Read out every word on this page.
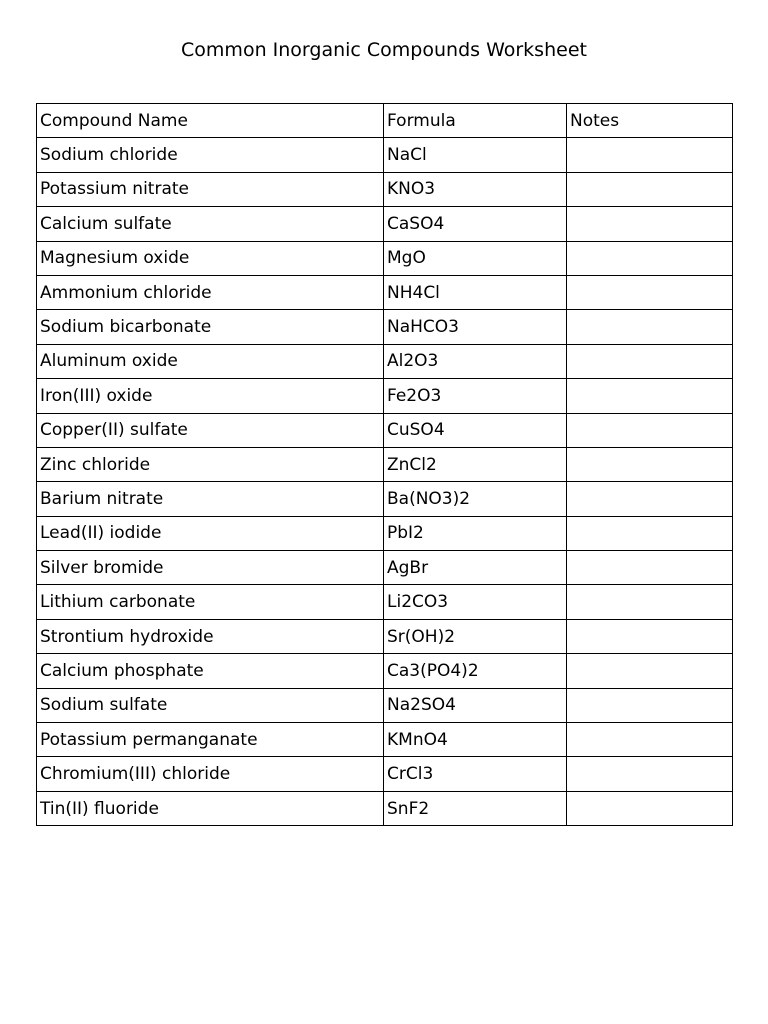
Common Inorganic Compounds Worksheet
Compound Name	Formula	Notes
Sodium chloride	NaCl	
Potassium nitrate	KNO3	
Calcium sulfate	CaSO4	
Magnesium oxide	MgO	
Ammonium chloride	NH4Cl	
Sodium bicarbonate	NaHCO3	
Aluminum oxide	Al2O3	
Iron(III) oxide	Fe2O3	
Copper(II) sulfate	CuSO4	
Zinc chloride	ZnCl2	
Barium nitrate	Ba(NO3)2	
Lead(II) iodide	PbI2	
Silver bromide	AgBr	
Lithium carbonate	Li2CO3	
Strontium hydroxide	Sr(OH)2	
Calcium phosphate	Ca3(PO4)2	
Sodium sulfate	Na2SO4	
Potassium permanganate	KMnO4	
Chromium(III) chloride	CrCl3	
Tin(II) fluoride	SnF2	
